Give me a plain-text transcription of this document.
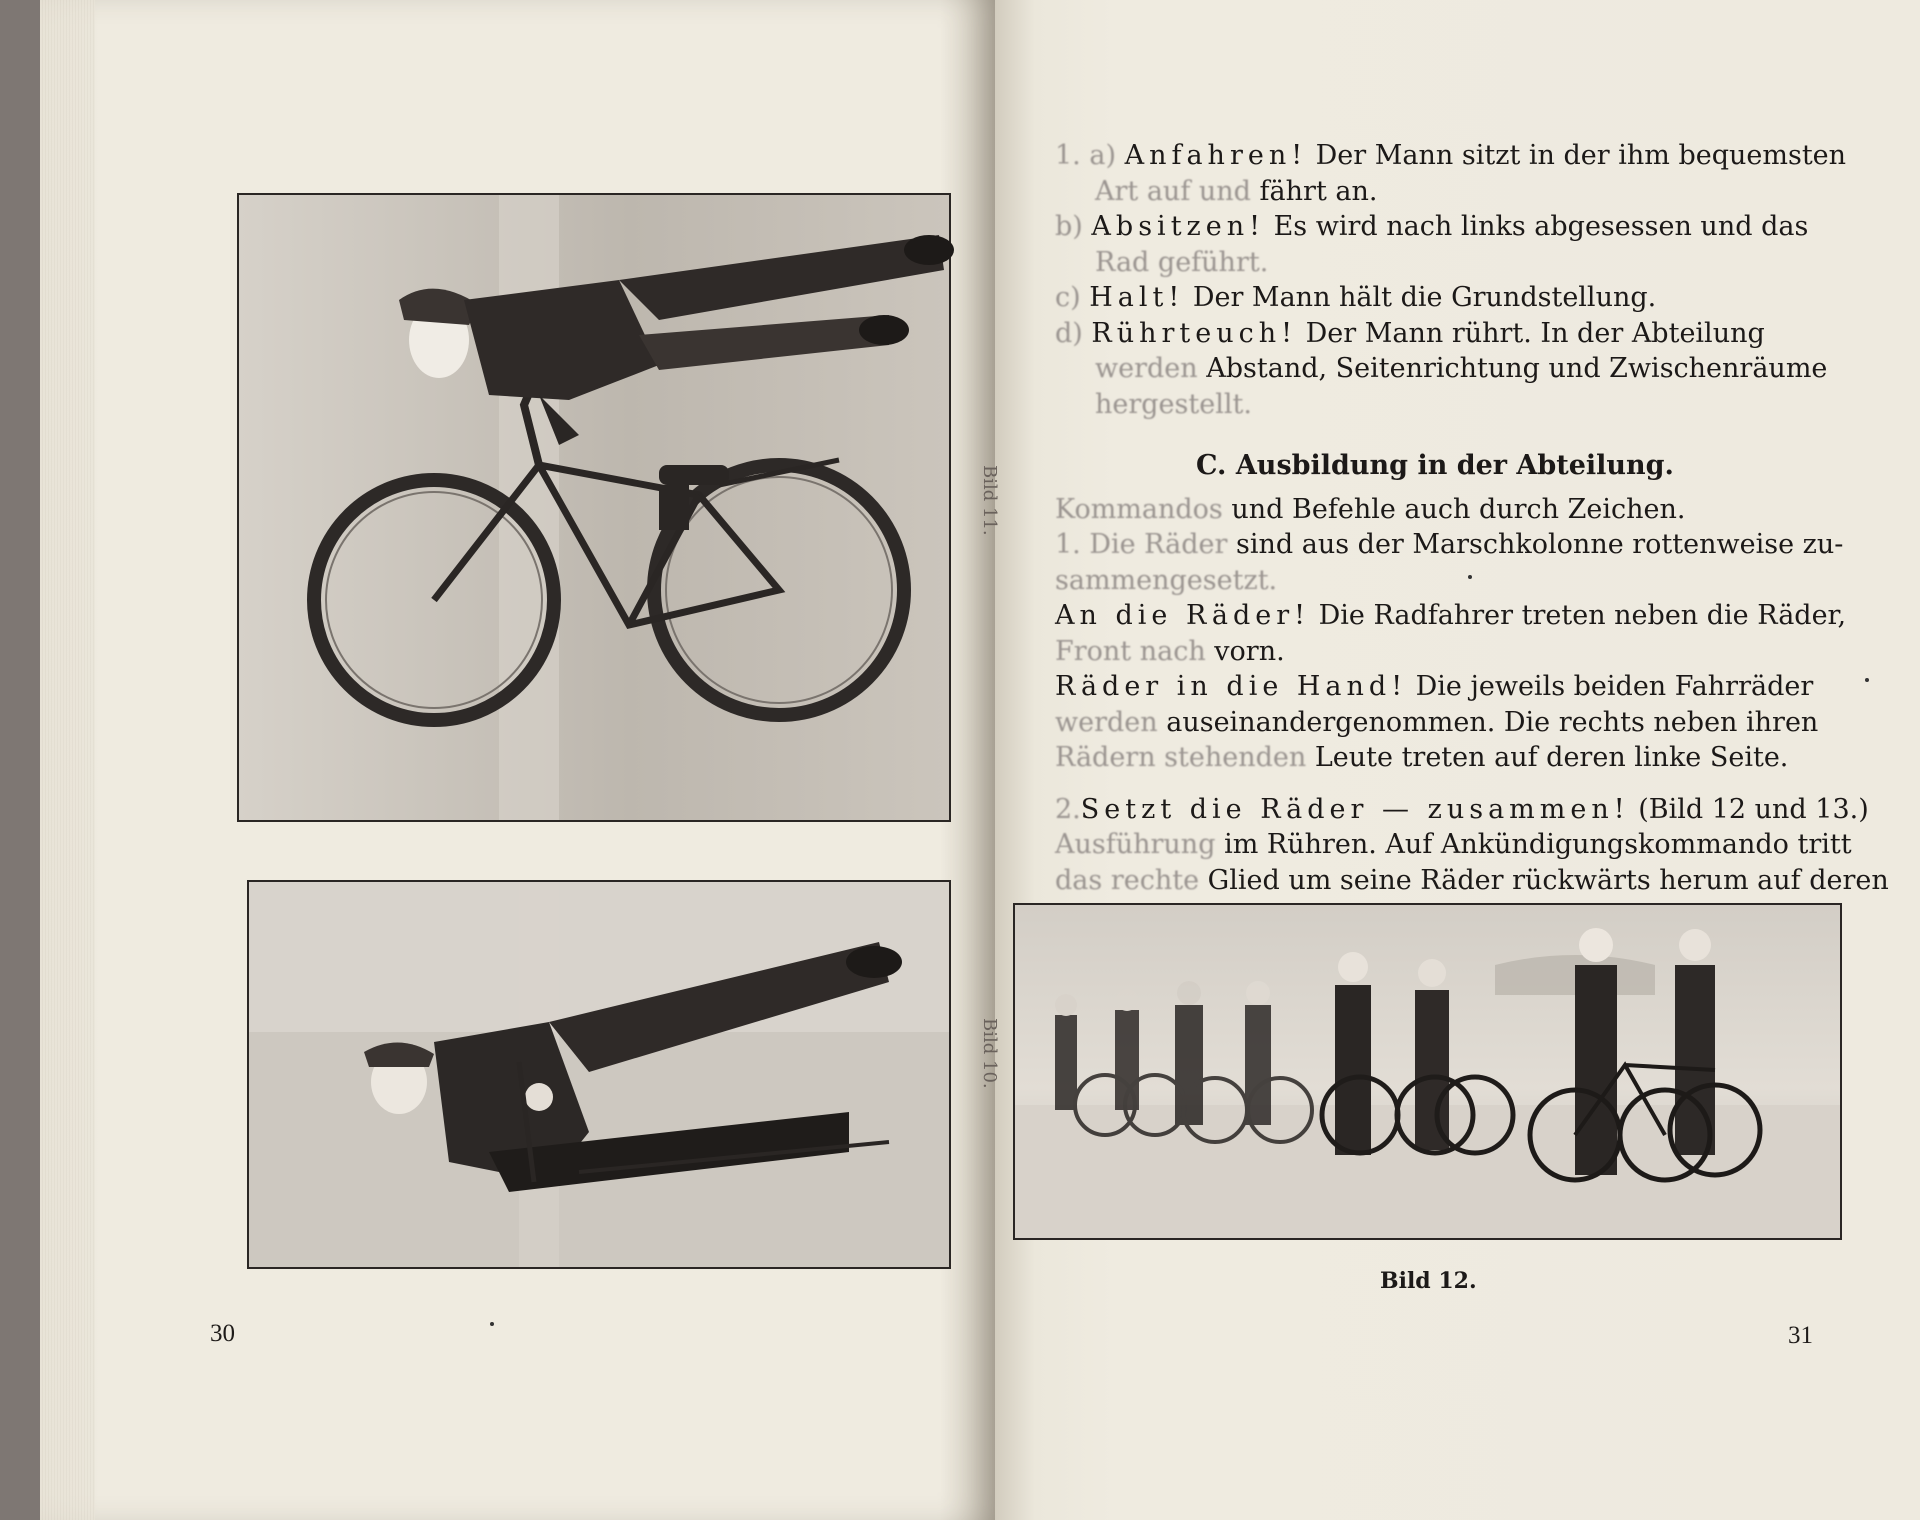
Bild 11.
Bild 10.
30
1. a) Anfahren! Der Mann sitzt in der ihm bequemsten
Art auf und fährt an.
b) Absitzen! Es wird nach links abgesessen und das
Rad geführt.
c) Halt! Der Mann hält die Grundstellung.
d) Rührteuch! Der Mann rührt. In der Abteilung
werden Abstand, Seitenrichtung und Zwischenräume
hergestellt.
C. Ausbildung in der Abteilung.
Kommandos und Befehle auch durch Zeichen.
1. Die Räder sind aus der Marschkolonne rottenweise zu-
sammengesetzt.
An die Räder! Die Radfahrer treten neben die Räder,
Front nach vorn.
Räder in die Hand! Die jeweils beiden Fahrräder
werden auseinandergenommen. Die rechts neben ihren
Rädern stehenden Leute treten auf deren linke Seite.
2.Setzt die Räder — zusammen! (Bild 12 und 13.)
Ausführung im Rühren. Auf Ankündigungskommando tritt
das rechte Glied um seine Räder rückwärts herum auf deren
Bild 12.
31
